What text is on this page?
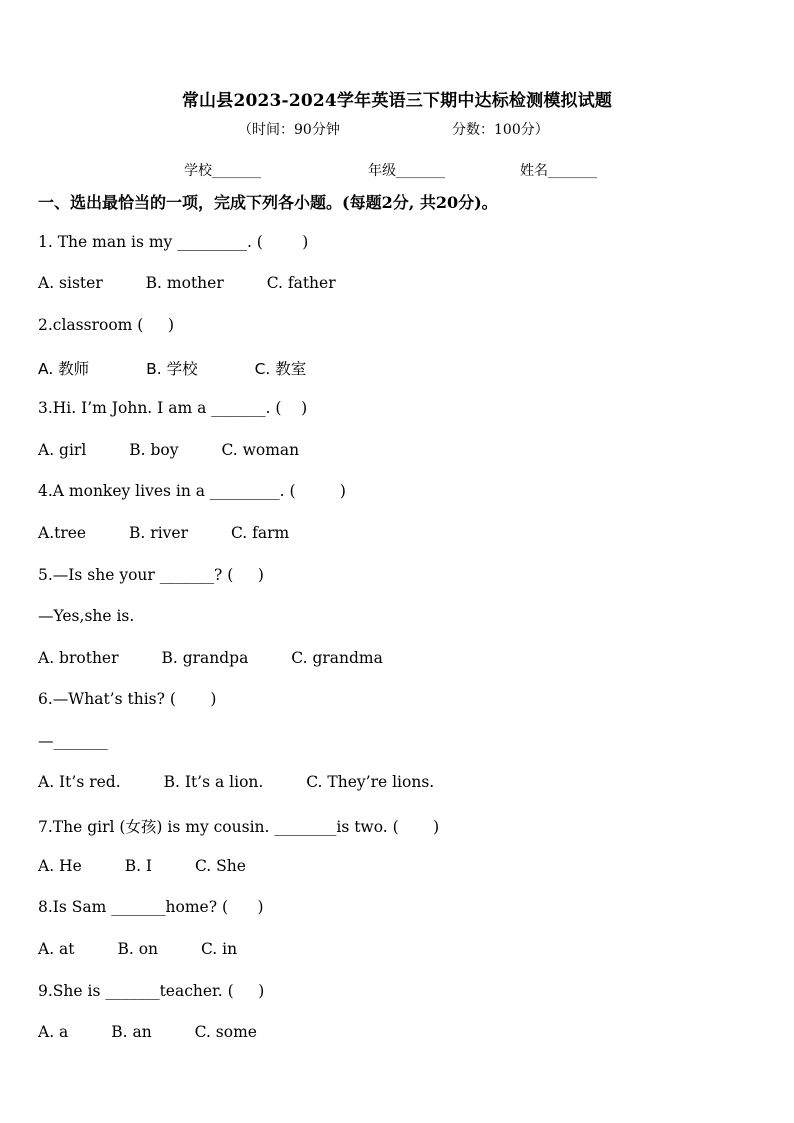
常山县2023-2024学年英语三下期中达标检测模拟试题
（时间：90分钟	分数：100分）
学校_______	年级_______	姓名_______
一、选出最恰当的一项，完成下列各小题。(每题2分, 共20分)。
1. The man is my _________. (        )
A. sister	B. mother	C. father
2.classroom (     )
A. 教师	B. 学校	C. 教室
3.Hi. I’m John. I am a _______. (    )
A. girl	B. boy	C. woman
4.A monkey lives in a _________. (         )
A.tree	B. river	C. farm
5.—Is she your _______? (     )
—Yes,she is.
A. brother	B. grandpa	C. grandma
6.—What’s this? (       )
—_______
A. It’s red.	B. It’s a lion.	C. They’re lions.
7.The girl (女孩) is my cousin. ________is two. (       )
A. He	B. I	C. She
8.Is Sam _______home? (      )
A. at	B. on	C. in
9.She is _______teacher. (     )
A. a	B. an	C. some
